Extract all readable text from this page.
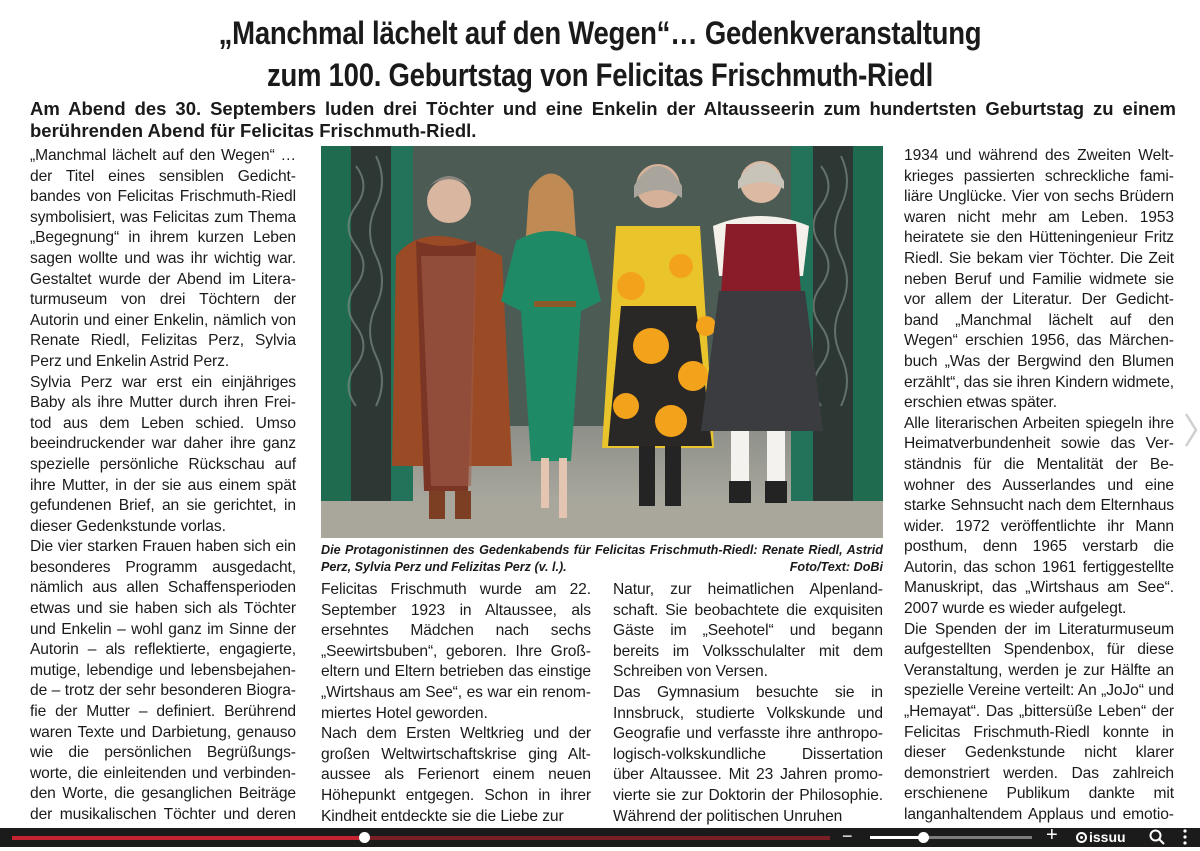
„Manchmal lächelt auf den Wegen“… Gedenkveranstaltung
zum 100. Geburtstag von Felicitas Frischmuth-Riedl
Am Abend des 30. Septembers luden drei Töchter und eine Enkelin der Altausseerin zum hundertsten Geburtstag zu einem berührenden Abend für Felicitas Frischmuth-Riedl.

„Manchmal lächelt auf den Wegen“ … der Titel eines sensiblen Gedichtbandes von Felicitas Frischmuth-Riedl symbolisiert, was Felicitas zum Thema „Begegnung“ in ihrem kurzen Leben sagen wollte und was ihr wichtig war. Gestaltet wurde der Abend im Literaturmuseum von drei Töchtern der Autorin und einer Enkelin, nämlich von Renate Riedl, Felizitas Perz, Sylvia Perz und Enkelin Astrid Perz.

Sylvia Perz war erst ein einjähriges Baby als ihre Mutter durch ihren Freitod aus dem Leben schied. Umso beeindruckender war daher ihre ganz spezielle persönliche Rückschau auf ihre Mutter, in der sie aus einem spät gefundenen Brief, an sie gerichtet, in dieser Gedenkstunde vorlas.

Die vier starken Frauen haben sich ein besonderes Programm ausgedacht, nämlich aus allen Schaffensperioden etwas und sie haben sich als Töchter und Enkelin – wohl ganz im Sinne der Autorin – als reflektierte, engagierte, mutige, lebendige und lebensbejahende – trotz der sehr besonderen Biografie der Mutter – definiert. Berührend waren Texte und Darbietung, genauso wie die persönlichen Begrüßungsworte, die einleitenden und verbindenden Worte, die gesanglichen Beiträge der musikalischen Töchter und deren

Die Protagonistinnen des Gedenkabends für Felicitas Frischmuth-Riedl: Renate Riedl, Astrid Perz, Sylvia Perz und Felizitas Perz (v. l.).	Foto/Text: DoBi

Felicitas Frischmuth wurde am 22. September 1923 in Altaussee, als ersehntes Mädchen nach sechs „Seewirtsbuben“, geboren. Ihre Großeltern und Eltern betrieben das einstige „Wirtshaus am See“, es war ein renommiertes Hotel geworden.

Nach dem Ersten Weltkrieg und der großen Weltwirtschaftskrise ging Altaussee als Ferienort einem neuen Höhepunkt entgegen. Schon in ihrer Kindheit entdeckte sie die Liebe zur

Natur, zur heimatlichen Alpenlandschaft. Sie beobachtete die exquisiten Gäste im „Seehotel“ und begann bereits im Volksschulalter mit dem Schreiben von Versen.

Das Gymnasium besuchte sie in Innsbruck, studierte Volkskunde und Geografie und verfasste ihre anthropologisch-volkskundliche Dissertation über Altaussee. Mit 23 Jahren promovierte sie zur Doktorin der Philosophie. Während der politischen Unruhen

1934 und während des Zweiten Weltkrieges passierten schreckliche familiäre Unglücke. Vier von sechs Brüdern waren nicht mehr am Leben. 1953 heiratete sie den Hütteningenieur Fritz Riedl. Sie bekam vier Töchter. Die Zeit neben Beruf und Familie widmete sie vor allem der Literatur. Der Gedichtband „Manchmal lächelt auf den Wegen“ erschien 1956, das Märchenbuch „Was der Bergwind den Blumen erzählt“, das sie ihren Kindern widmete, erschien etwas später.

Alle literarischen Arbeiten spiegeln ihre Heimatverbundenheit sowie das Verständnis für die Mentalität der Bewohner des Ausserlandes und eine starke Sehnsucht nach dem Elternhaus wider. 1972 veröffentlichte ihr Mann posthum, denn 1965 verstarb die Autorin, das schon 1961 fertiggestellte Manuskript, das „Wirtshaus am See“. 2007 wurde es wieder aufgelegt.

Die Spenden der im Literaturmuseum aufgestellten Spendenbox, für diese Veranstaltung, werden je zur Hälfte an spezielle Vereine verteilt: An „JoJo“ und „Hemayat“. Das „bittersüße Leben“ der Felicitas Frischmuth-Riedl konnte in dieser Gedenkstunde nicht klarer demonstriert werden. Das zahlreich erschienene Publikum dankte mit langanhaltendem Applaus und emotio

−	+	issuu
